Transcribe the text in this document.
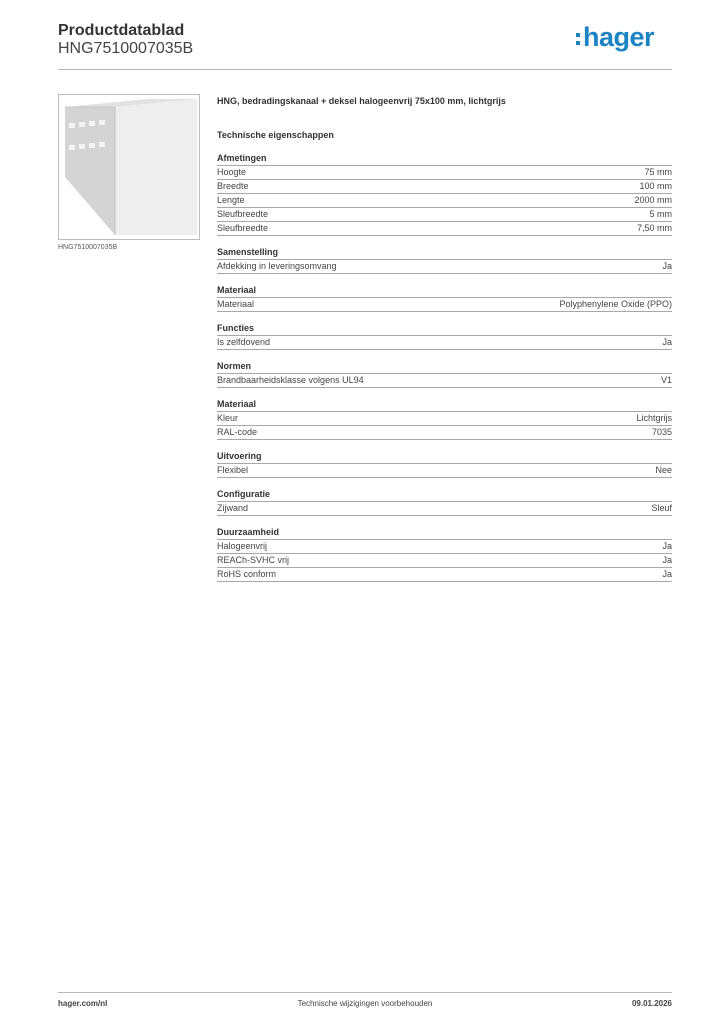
Productdatablad
HNG7510007035B	hager
HNG7510007035B
HNG, bedradingskanaal + deksel halogeenvrij 75x100 mm, lichtgrijs
Technische eigenschappen
Afmetingen
Hoogte	75 mm
Breedte	100 mm
Lengte	2000 mm
Sleufbreedte	5 mm
Sleufbreedte	7,50 mm
Samenstelling
Afdekking in leveringsomvang	Ja
Materiaal
Materiaal	Polyphenylene Oxide (PPO)
Functies
Is zelfdovend	Ja
Normen
Brandbaarheidsklasse volgens UL94	V1
Materiaal
Kleur	Lichtgrijs
RAL-code	7035
Uitvoering
Flexibel	Nee
Configuratie
Zijwand	Sleuf
Duurzaamheid
Halogeenvrij	Ja
REACh-SVHC vrij	Ja
RoHS conform	Ja
hager.com/nl	Technische wijzigingen voorbehouden	09.01.2026
